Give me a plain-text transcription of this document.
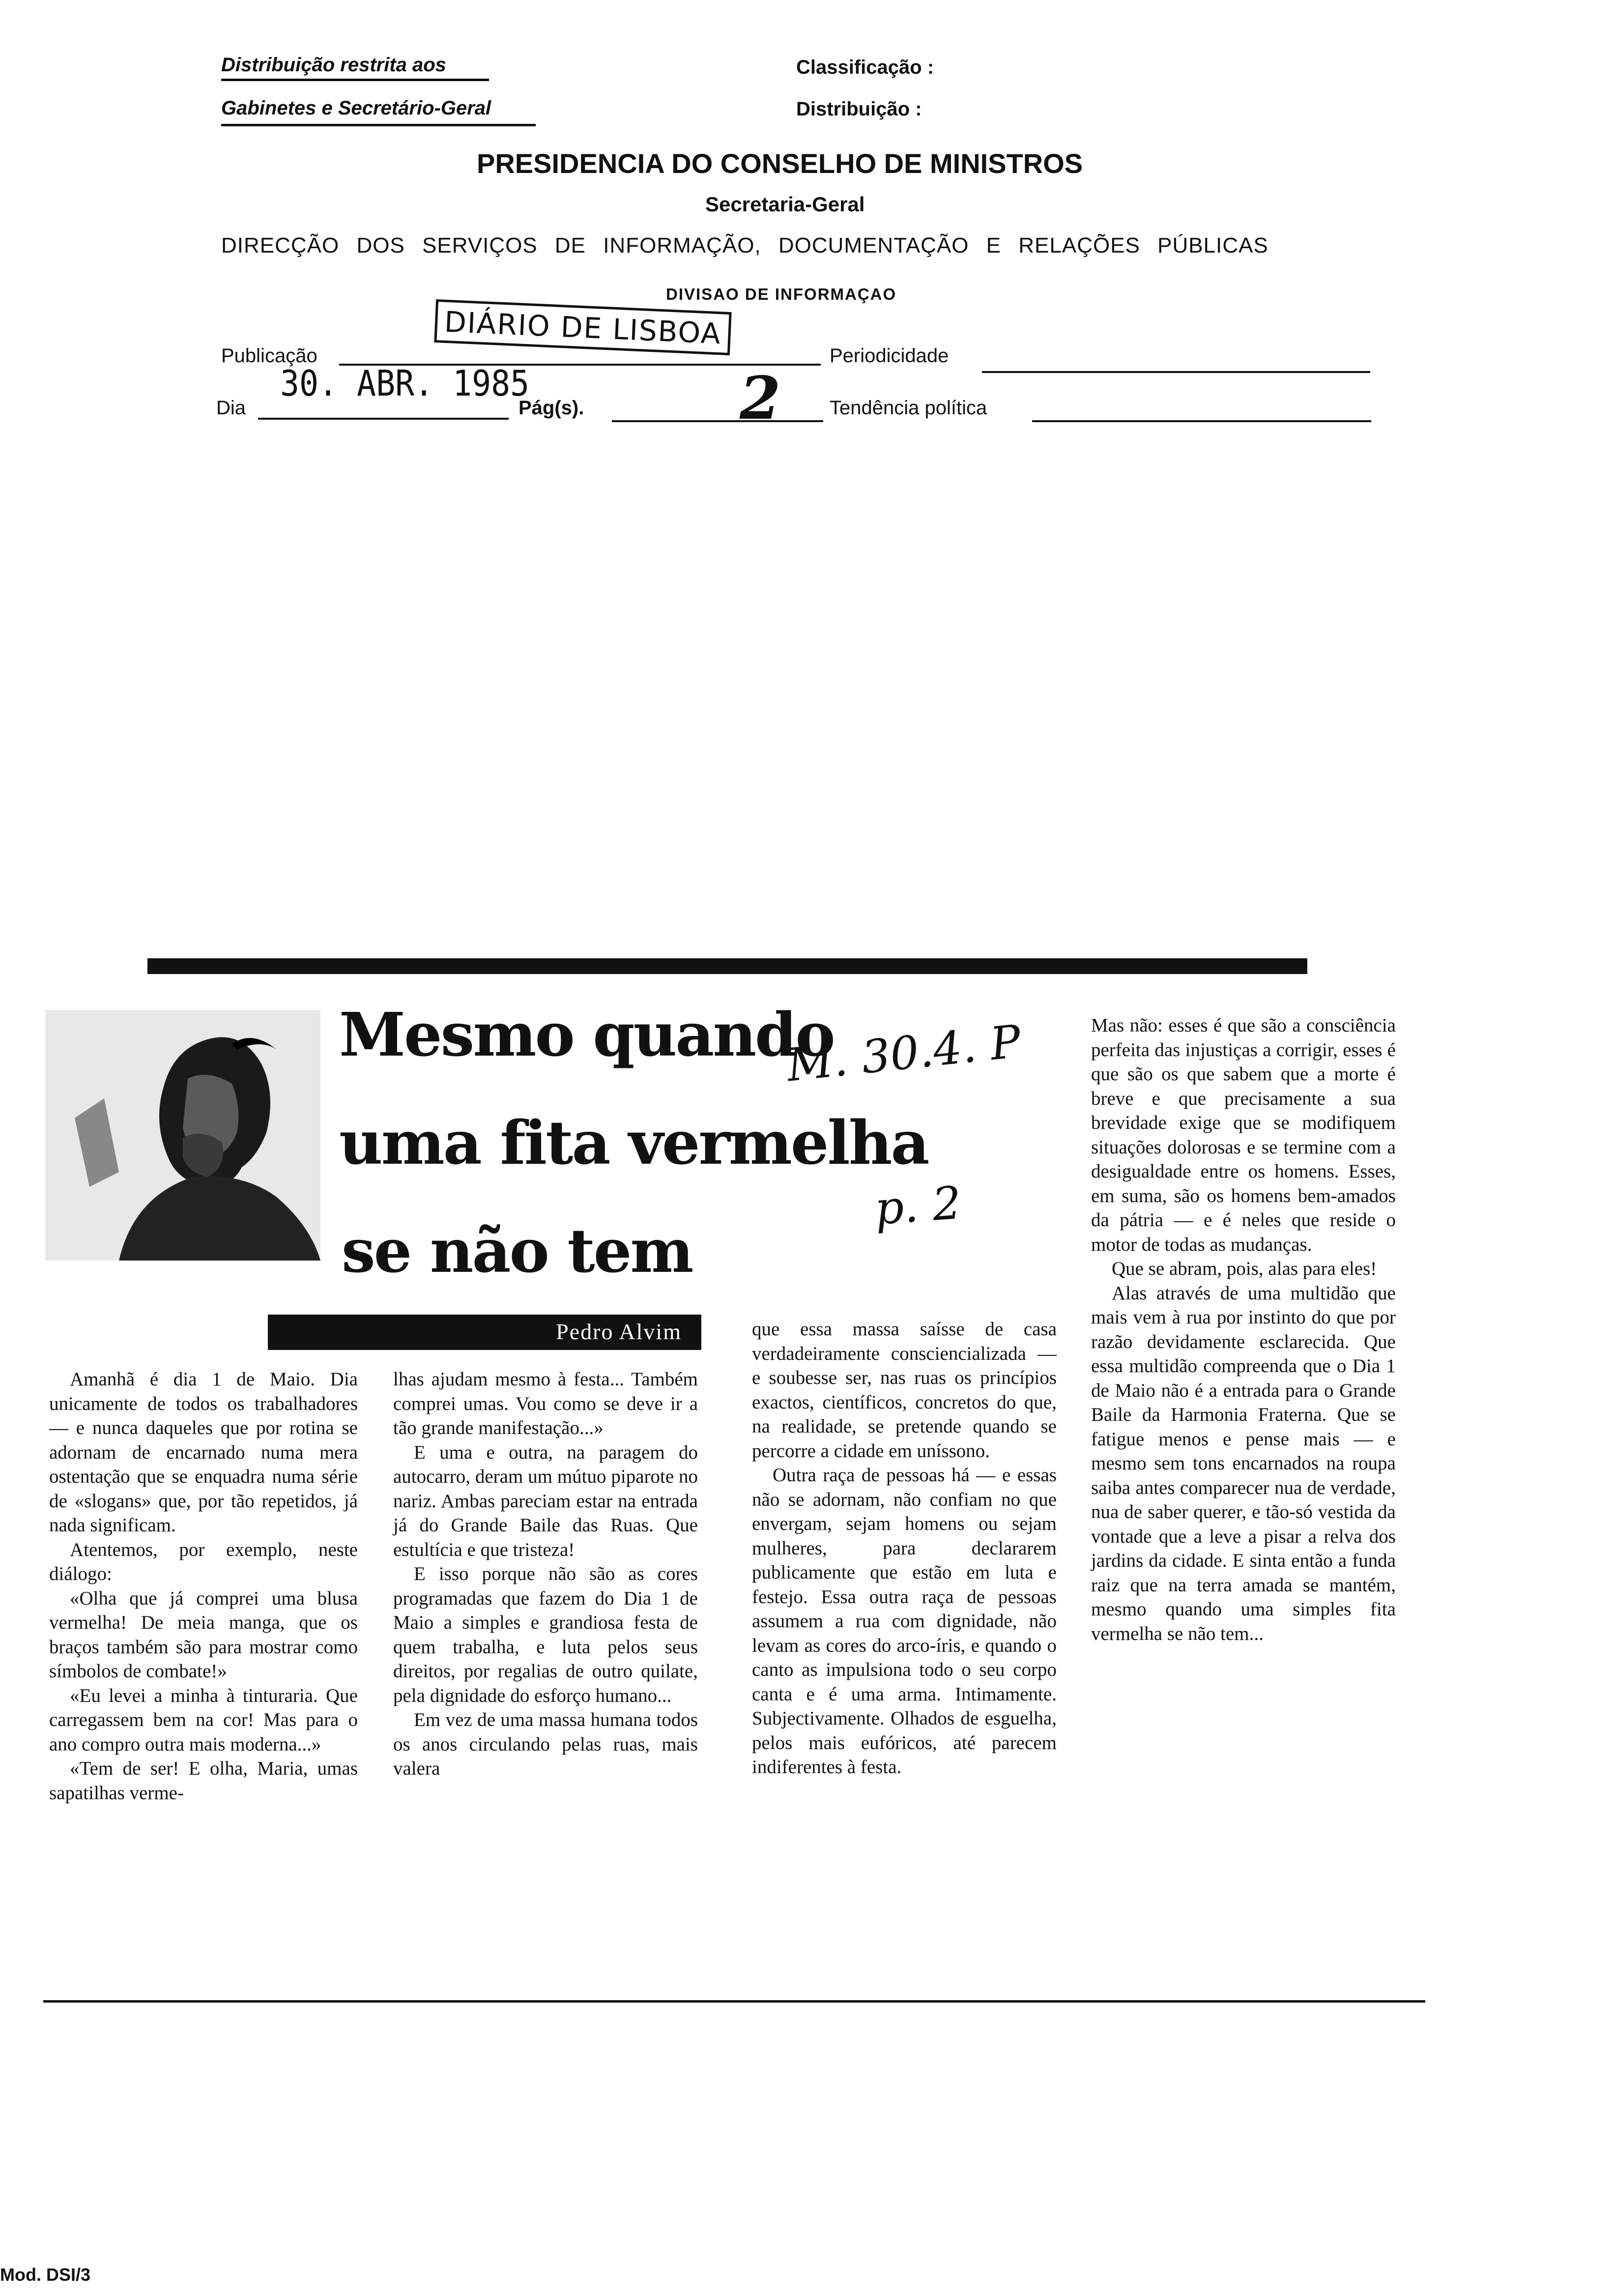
Distribuição restrita aos
Gabinetes e Secretário-Geral
Classificação :
Distribuição :
PRESIDENCIA DO CONSELHO DE MINISTROS
Secretaria-Geral
DIRECÇÃO DOS SERVIÇOS DE INFORMAÇÃO, DOCUMENTAÇÃO E RELAÇÕES PÚBLICAS
DIVISAO DE INFORMAÇAO
Publicação
DIÁRIO DE LISBOA
Periodicidade
Dia
30. ABR. 1985
Pág(s).	2 Tendência política
Mesmo quando
uma fita vermelha
se não tem
M. 30.4. P
p. 2
Pedro Alvim

Amanhã é dia 1 de Maio. Dia unicamente de todos os trabalhadores — e nunca daqueles que por rotina se adornam de encarnado numa mera ostentação que se enquadra numa série de «slogans» que, por tão repetidos, já nada significam.

Atentemos, por exemplo, neste diálogo:

«Olha que já comprei uma blusa vermelha! De meia manga, que os braços também são para mostrar como símbolos de combate!»

«Eu levei a minha à tinturaria. Que carregassem bem na cor! Mas para o ano compro outra mais moderna...»

«Tem de ser! E olha, Maria, umas sapatilhas verme-

lhas ajudam mesmo à festa... Também comprei umas. Vou como se deve ir a tão grande manifestação...»

E uma e outra, na paragem do autocarro, deram um mútuo piparote no nariz. Ambas pareciam estar na entrada já do Grande Baile das Ruas. Que estultícia e que tristeza!

E isso porque não são as cores programadas que fazem do Dia 1 de Maio a simples e grandiosa festa de quem trabalha, e luta pelos seus direitos, por regalias de outro quilate, pela dignidade do esforço humano...

Em vez de uma massa humana todos os anos circulando pelas ruas, mais valera

que essa massa saísse de casa verdadeiramente consciencializada — e soubesse ser, nas ruas os princípios exactos, científicos, concretos do que, na realidade, se pretende quando se percorre a cidade em uníssono.

Outra raça de pessoas há — e essas não se adornam, não confiam no que envergam, sejam homens ou sejam mulheres, para declararem publicamente que estão em luta e festejo. Essa outra raça de pessoas assumem a rua com dignidade, não levam as cores do arco-íris, e quando o canto as impulsiona todo o seu corpo canta e é uma arma. Intimamente. Subjectivamente. Olhados de esguelha, pelos mais eufóricos, até parecem indiferentes à festa.

Mas não: esses é que são a consciência perfeita das injustiças a corrigir, esses é que são os que sabem que a morte é breve e que precisamente a sua brevidade exige que se modifiquem situações dolorosas e se termine com a desigualdade entre os homens. Esses, em suma, são os homens bem-amados da pátria — e é neles que reside o motor de todas as mudanças.

Que se abram, pois, alas para eles!

Alas através de uma multidão que mais vem à rua por instinto do que por razão devidamente esclarecida. Que essa multidão compreenda que o Dia 1 de Maio não é a entrada para o Grande Baile da Harmonia Fraterna. Que se fatigue menos e pense mais — e mesmo sem tons encarnados na roupa saiba antes comparecer nua de verdade, nua de saber querer, e tão-só vestida da vontade que a leve a pisar a relva dos jardins da cidade. E sinta então a funda raiz que na terra amada se mantém, mesmo quando uma simples fita vermelha se não tem...

Mod. DSI/3
